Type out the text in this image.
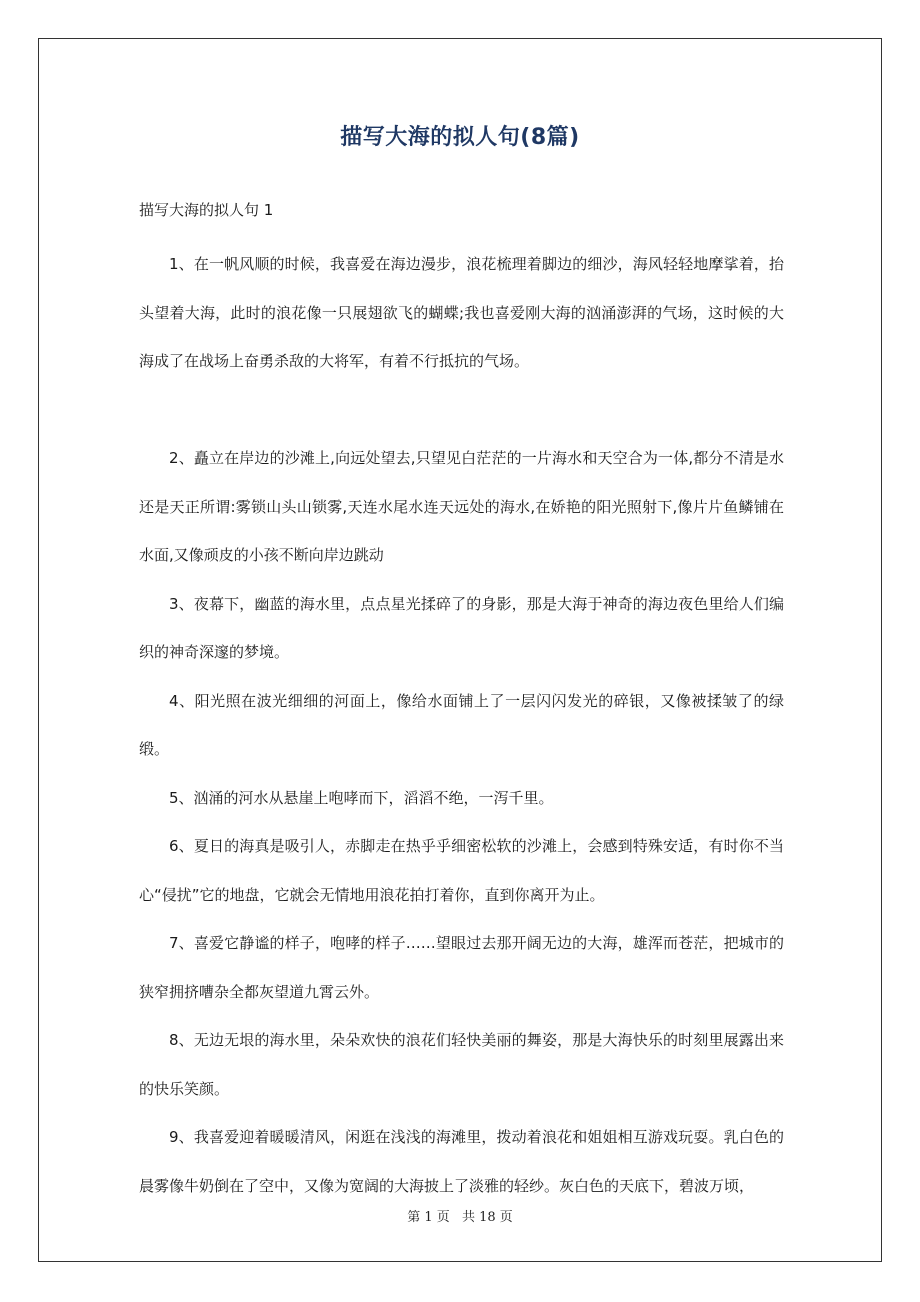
描写大海的拟人句(8篇)
描写大海的拟人句 1

1、在一帆风顺的时候，我喜爱在海边漫步，浪花梳理着脚边的细沙，海风轻轻地摩挲着，抬头望着大海，此时的浪花像一只展翅欲飞的蝴蝶;我也喜爱刚大海的汹涌澎湃的气场，这时候的大海成了在战场上奋勇杀敌的大将军，有着不行抵抗的气场。

2、矗立在岸边的沙滩上,向远处望去,只望见白茫茫的一片海水和天空合为一体,都分不清是水还是天正所谓:雾锁山头山锁雾,天连水尾水连天远处的海水,在娇艳的阳光照射下,像片片鱼鳞铺在水面,又像顽皮的小孩不断向岸边跳动

3、夜幕下，幽蓝的海水里，点点星光揉碎了的身影，那是大海于神奇的海边夜色里给人们编织的神奇深邃的梦境。

4、阳光照在波光细细的河面上，像给水面铺上了一层闪闪发光的碎银，又像被揉皱了的绿缎。

5、汹涌的河水从悬崖上咆哮而下，滔滔不绝，一泻千里。

6、夏日的海真是吸引人，赤脚走在热乎乎细密松软的沙滩上，会感到特殊安适，有时你不当心“侵扰”它的地盘，它就会无情地用浪花拍打着你，直到你离开为止。

7、喜爱它静谧的样子，咆哮的样子……望眼过去那开阔无边的大海，雄浑而苍茫，把城市的狭窄拥挤嘈杂全都灰望道九霄云外。

8、无边无垠的海水里，朵朵欢快的浪花们轻快美丽的舞姿，那是大海快乐的时刻里展露出来的快乐笑颜。

9、我喜爱迎着暖暖清风，闲逛在浅浅的海滩里，拨动着浪花和姐姐相互游戏玩耍。乳白色的晨雾像牛奶倒在了空中，又像为宽阔的大海披上了淡雅的轻纱。灰白色的天底下，碧波万顷，

第 1 页 共 18 页
